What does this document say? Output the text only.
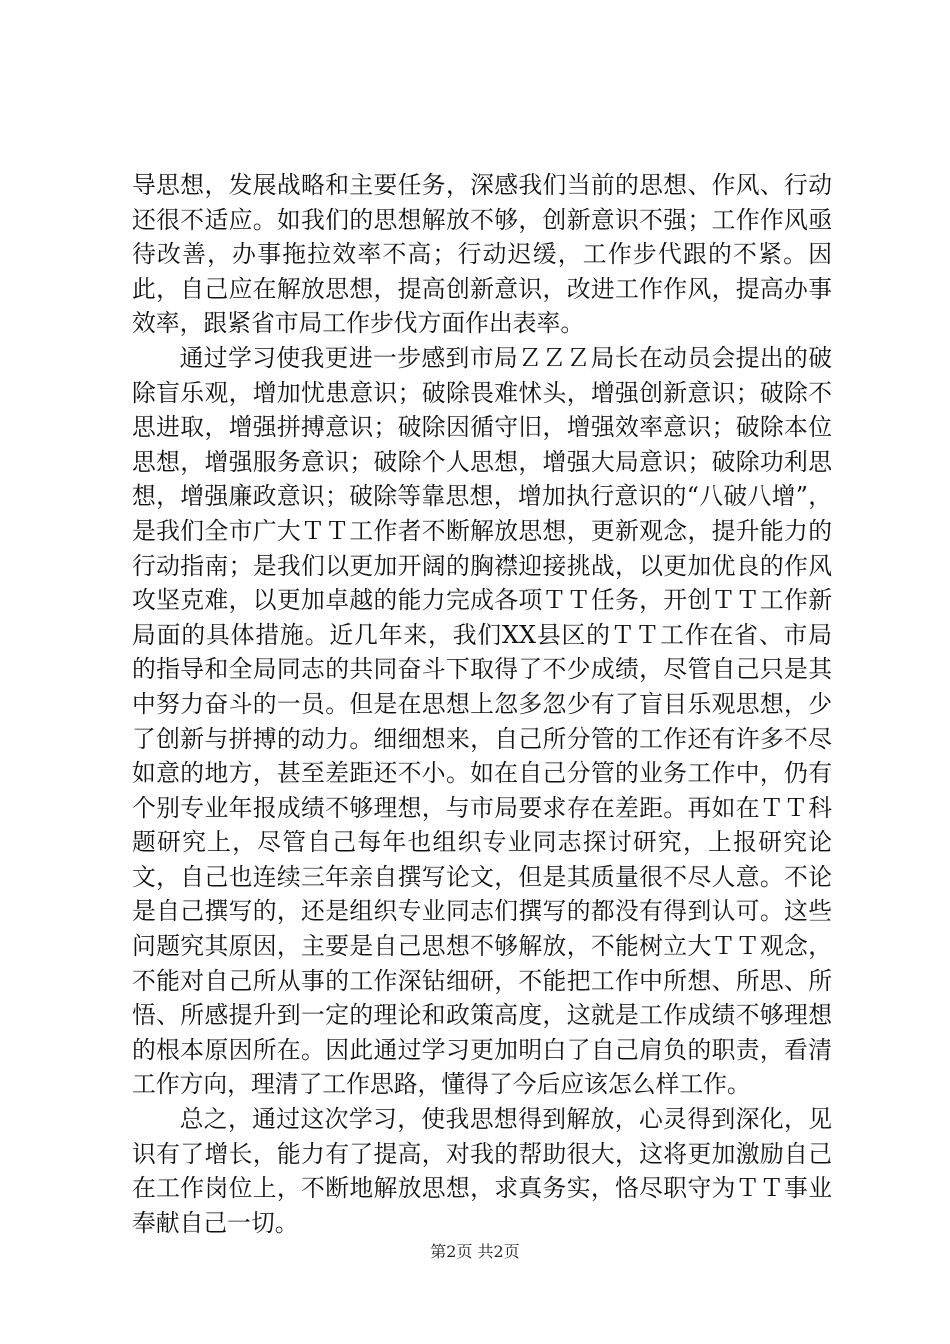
导思想，发展战略和主要任务，深感我们当前的思想、作风、行动还很不适应。如我们的思想解放不够，创新意识不强；工作作风亟待改善，办事拖拉效率不高；行动迟缓，工作步代跟的不紧。因此，自己应在解放思想，提高创新意识，改进工作作风，提高办事效率，跟紧省市局工作步伐方面作出表率。

通过学习使我更进一步感到市局ＺＺＺ局长在动员会提出的破除盲乐观，增加忧患意识；破除畏难怵头，增强创新意识；破除不思进取，增强拼搏意识；破除因循守旧，增强效率意识；破除本位思想，增强服务意识；破除个人思想，增强大局意识；破除功利思想，增强廉政意识；破除等靠思想，增加执行意识的“八破八增”，是我们全市广大ＴＴ工作者不断解放思想，更新观念，提升能力的行动指南；是我们以更加开阔的胸襟迎接挑战，以更加优良的作风攻坚克难，以更加卓越的能力完成各项ＴＴ任务，开创ＴＴ工作新局面的具体措施。近几年来，我们XX县区的ＴＴ工作在省、市局的指导和全局同志的共同奋斗下取得了不少成绩，尽管自己只是其中努力奋斗的一员。但是在思想上忽多忽少有了盲目乐观思想，少了创新与拼搏的动力。细细想来，自己所分管的工作还有许多不尽如意的地方，甚至差距还不小。如在自己分管的业务工作中，仍有个别专业年报成绩不够理想，与市局要求存在差距。再如在ＴＴ科题研究上，尽管自己每年也组织专业同志探讨研究，上报研究论文，自己也连续三年亲自撰写论文，但是其质量很不尽人意。不论是自己撰写的，还是组织专业同志们撰写的都没有得到认可。这些问题究其原因，主要是自己思想不够解放，不能树立大ＴＴ观念，不能对自己所从事的工作深钻细研，不能把工作中所想、所思、所悟、所感提升到一定的理论和政策高度，这就是工作成绩不够理想的根本原因所在。因此通过学习更加明白了自己肩负的职责，看清工作方向，理清了工作思路，懂得了今后应该怎么样工作。

总之，通过这次学习，使我思想得到解放，心灵得到深化，见识有了增长，能力有了提高，对我的帮助很大，这将更加激励自己在工作岗位上，不断地解放思想，求真务实，恪尽职守为ＴＴ事业奉献自己一切。

第2页 共2页
